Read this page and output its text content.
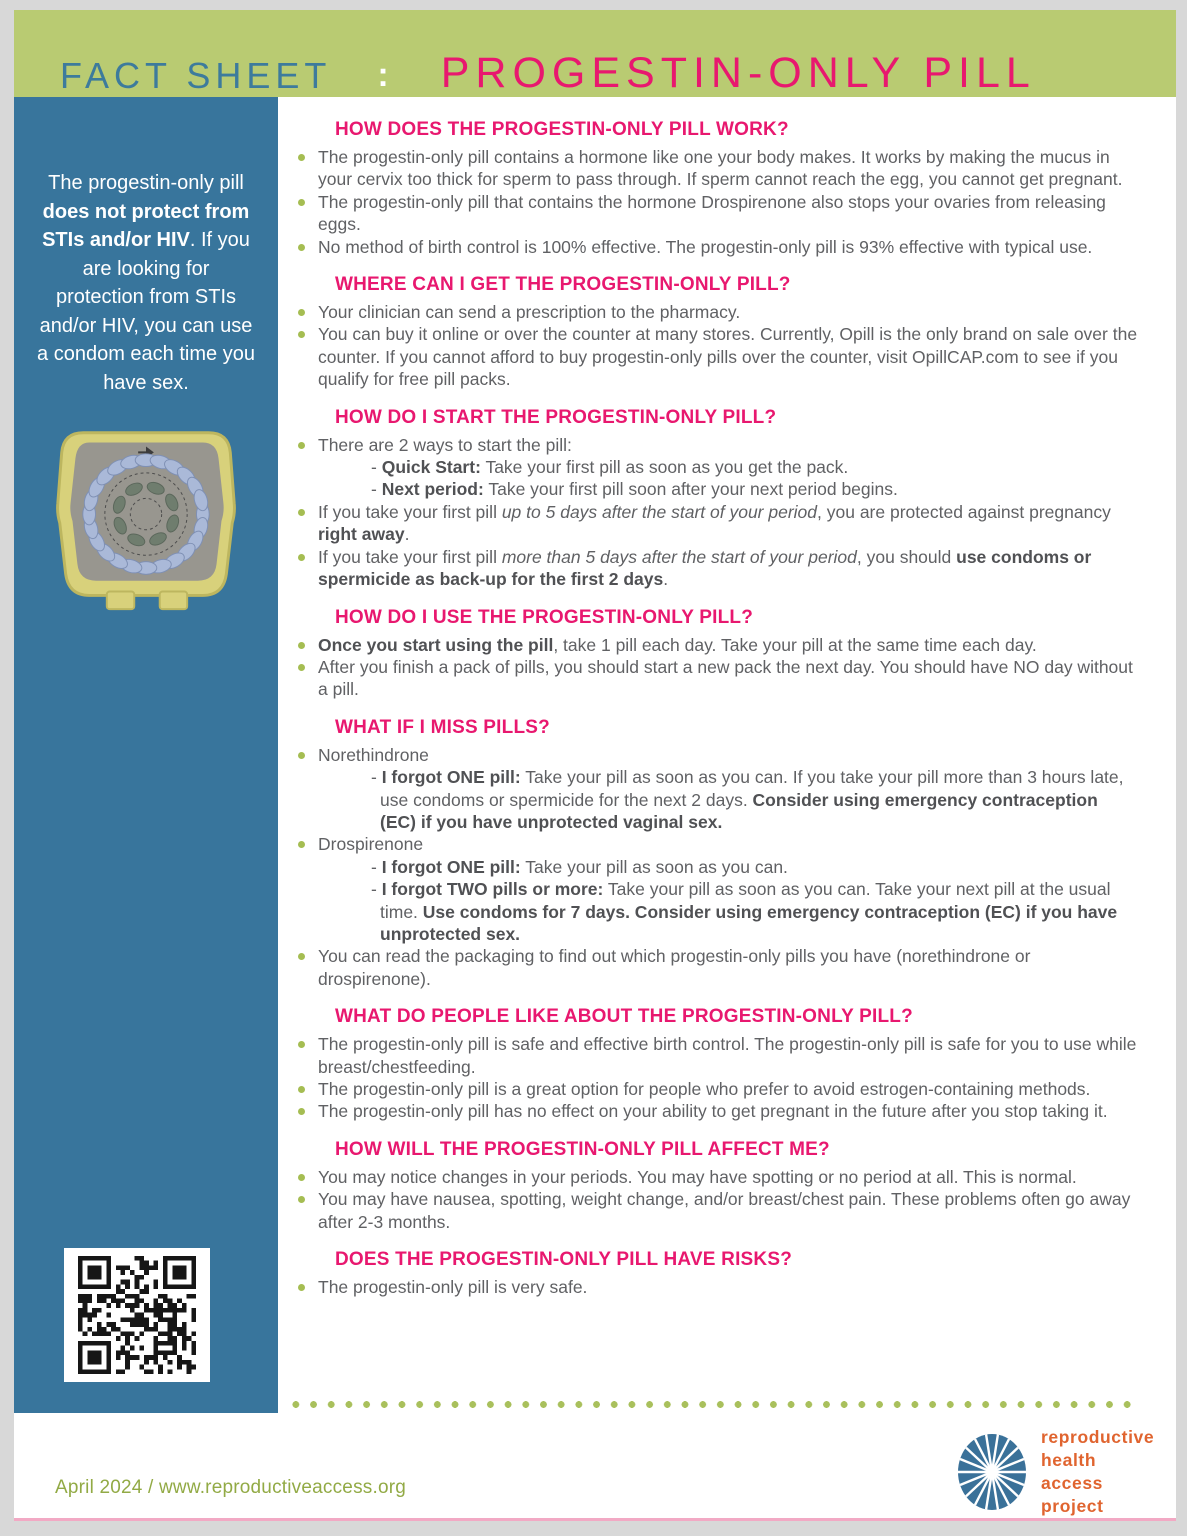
FACT SHEET : PROGESTIN-ONLY PILL

The progestin-only pill does not protect from STIs and/or HIV. If you are looking for protection from STIs and/or HIV, you can use a condom each time you have sex.

HOW DOES THE PROGESTIN-ONLY PILL WORK?
The progestin-only pill contains a hormone like one your body makes. It works by making the mucus in your cervix too thick for sperm to pass through. If sperm cannot reach the egg, you cannot get pregnant.
The progestin-only pill that contains the hormone Drospirenone also stops your ovaries from releasing eggs.
No method of birth control is 100% effective. The progestin-only pill is 93% effective with typical use.
WHERE CAN I GET THE PROGESTIN-ONLY PILL?
Your clinician can send a prescription to the pharmacy.
You can buy it online or over the counter at many stores. Currently, Opill is the only brand on sale over the counter. If you cannot afford to buy progestin-only pills over the counter, visit OpillCAP.com to see if you qualify for free pill packs.
HOW DO I START THE PROGESTIN-ONLY PILL?
There are 2 ways to start the pill:
- Quick Start: Take your first pill as soon as you get the pack.
- Next period: Take your first pill soon after your next period begins.
If you take your first pill up to 5 days after the start of your period, you are protected against pregnancy right away.
If you take your first pill more than 5 days after the start of your period, you should use condoms or spermicide as back-up for the first 2 days.
HOW DO I USE THE PROGESTIN-ONLY PILL?
Once you start using the pill, take 1 pill each day. Take your pill at the same time each day.
After you finish a pack of pills, you should start a new pack the next day. You should have NO day without a pill.
WHAT IF I MISS PILLS?
Norethindrone
- I forgot ONE pill: Take your pill as soon as you can. If you take your pill more than 3 hours late, use condoms or spermicide for the next 2 days. Consider using emergency contraception (EC) if you have unprotected vaginal sex.
Drospirenone
- I forgot ONE pill: Take your pill as soon as you can.
- I forgot TWO pills or more: Take your pill as soon as you can. Take your next pill at the usual time. Use condoms for 7 days. Consider using emergency contraception (EC) if you have unprotected sex.
You can read the packaging to find out which progestin-only pills you have (norethindrone or drospirenone).
WHAT DO PEOPLE LIKE ABOUT THE PROGESTIN-ONLY PILL?
The progestin-only pill is safe and effective birth control. The progestin-only pill is safe for you to use while breast/chestfeeding.
The progestin-only pill is a great option for people who prefer to avoid estrogen-containing methods.
The progestin-only pill has no effect on your ability to get pregnant in the future after you stop taking it.
HOW WILL THE PROGESTIN-ONLY PILL AFFECT ME?
You may notice changes in your periods. You may have spotting or no period at all. This is normal.
You may have nausea, spotting, weight change, and/or breast/chest pain. These problems often go away after 2-3 months.
DOES THE PROGESTIN-ONLY PILL HAVE RISKS?
The progestin-only pill is very safe.
April 2024 / www.reproductiveaccess.org
reproductive
health
access
project
